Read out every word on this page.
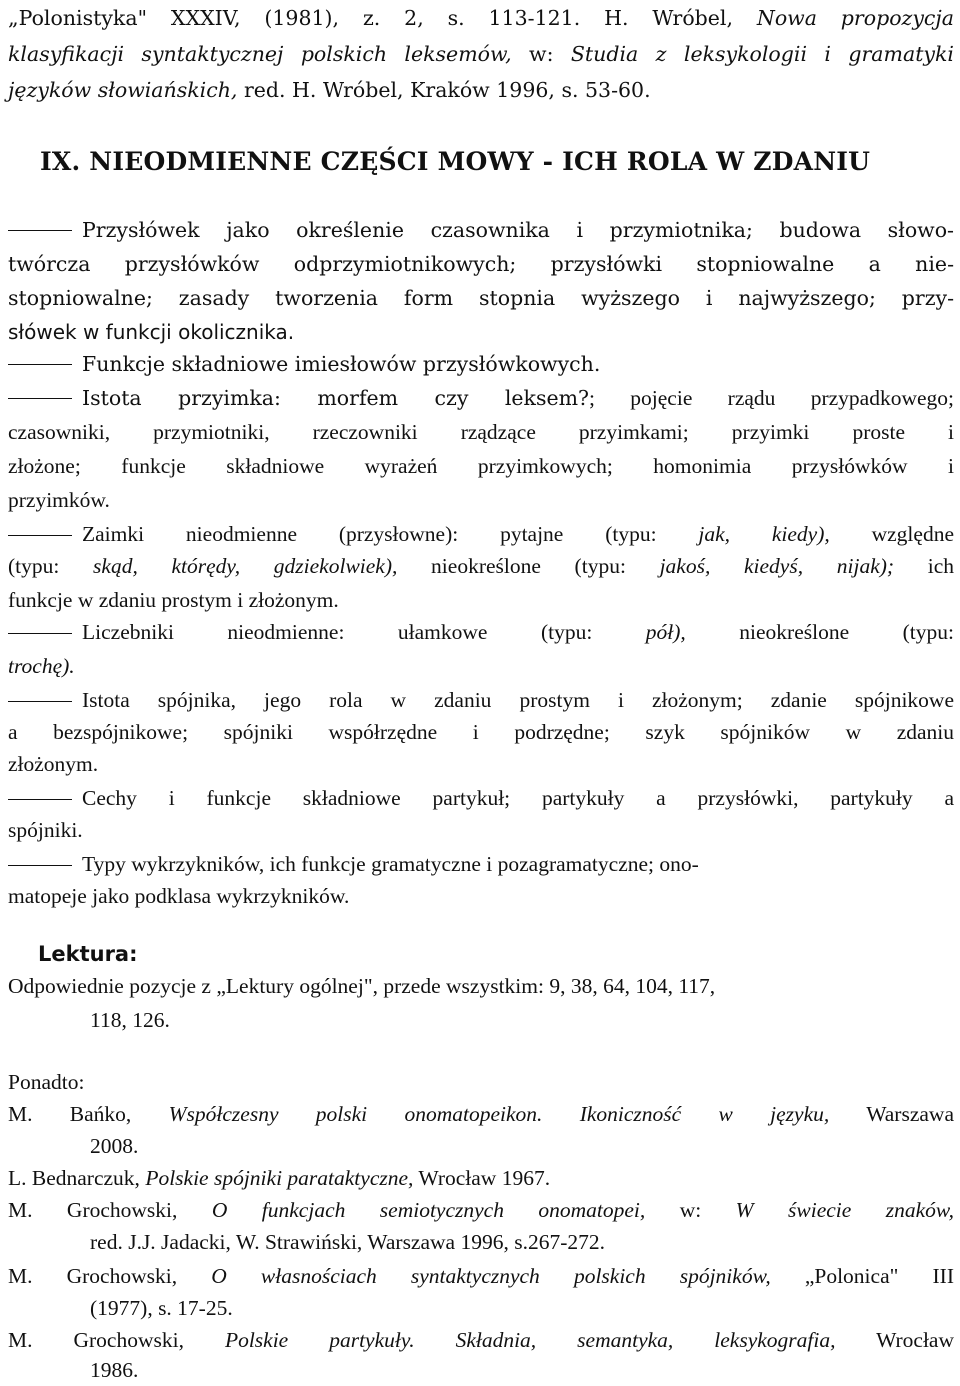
„Polonistyka" XXXIV, (1981), z. 2, s. 113-121. H. Wróbel, Nowa propozycja
klasyfikacji syntaktycznej polskich leksemów, w: Studia z leksykologii i gramatyki
języków słowiańskich, red. H. Wróbel, Kraków 1996, s. 53-60.
IX. NIEODMIENNE CZĘŚCI MOWY - ICH ROLA W ZDANIU
Przysłówek jako określenie czasownika i przymiotnika; budowa słowo-
twórcza przysłówków odprzymiotnikowych; przysłówki stopniowalne a nie-
stopniowalne; zasady tworzenia form stopnia wyższego i najwyższego; przy-
słówek w funkcji okolicznika.
Funkcje składniowe imiesłowów przysłówkowych.
Istota przyimka: morfem czy leksem?; pojęcie rządu przypadkowego;
czasowniki, przymiotniki, rzeczowniki rządzące przyimkami; przyimki proste i
złożone; funkcje składniowe wyrażeń przyimkowych; homonimia przysłówków i
przyimków.
Zaimki nieodmienne (przysłowne): pytajne (typu: jak, kiedy), względne
(typu: skąd, którędy, gdziekolwiek), nieokreślone (typu: jakoś, kiedyś, nijak); ich
funkcje w zdaniu prostym i złożonym.
Liczebniki nieodmienne: ułamkowe (typu: pół), nieokreślone (typu:
trochę).
Istota spójnika, jego rola w zdaniu prostym i złożonym; zdanie spójnikowe
a bezspójnikowe; spójniki współrzędne i podrzędne; szyk spójników w zdaniu
złożonym.
Cechy i funkcje składniowe partykuł; partykuły a przysłówki, partykuły a
spójniki.
Typy wykrzykników, ich funkcje gramatyczne i pozagramatyczne; ono-
matopeje jako podklasa wykrzykników.
Lektura:
Odpowiednie pozycje z „Lektury ogólnej", przede wszystkim: 9, 38, 64, 104, 117,
118, 126.
Ponadto:
M. Bańko, Współczesny polski onomatopeikon. Ikoniczność w języku, Warszawa
2008.
L. Bednarczuk, Polskie spójniki parataktyczne, Wrocław 1967.
M. Grochowski, O funkcjach semiotycznych onomatopei, w: W świecie znaków,
red. J.J. Jadacki, W. Strawiński, Warszawa 1996, s.267-272.
M. Grochowski, O własnościach syntaktycznych polskich spójników, „Polonica" III
(1977), s. 17-25.
M. Grochowski, Polskie partykuły. Składnia, semantyka, leksykografia, Wrocław
1986.
